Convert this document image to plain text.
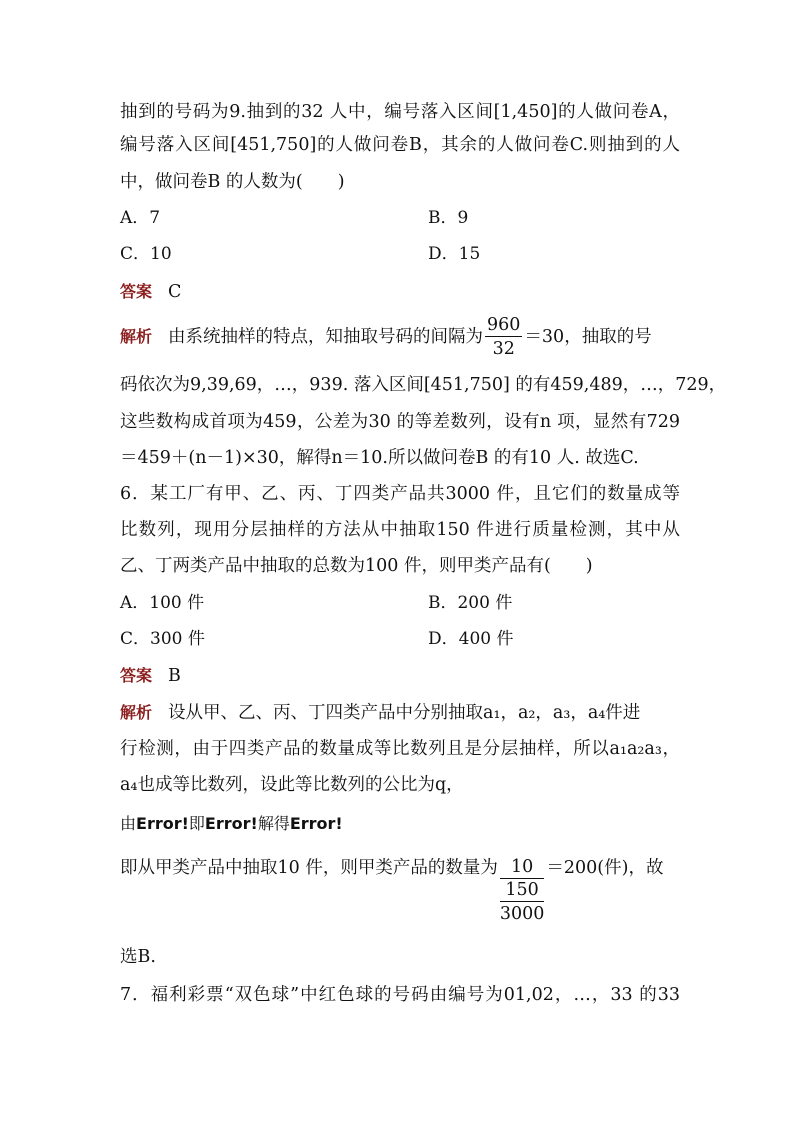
抽到的号码为9.抽到的32 人中，编号落入区间[1,450]的人做问卷A，
编号落入区间[451,750]的人做问卷B，其余的人做问卷C.则抽到的人
中，做问卷B 的人数为(　　)
A．7	B．9
C．10	D．15
答案 C
解析 由系统抽样的特点，知抽取号码的间隔为 $\frac{960}{32} =30$，抽取的号
码依次为9,39,69，…，939. 落入区间[451,750] 的有459,489，…，729，
这些数构成首项为459，公差为30 的等差数列，设有n 项，显然有729
＝459＋(n－1)×30，解得n＝10.所以做问卷B 的有10 人. 故选C.
6．某工厂有甲、乙、丙、丁四类产品共3000 件，且它们的数量成等
比数列，现用分层抽样的方法从中抽取150 件进行质量检测，其中从
乙、丁两类产品中抽取的总数为100 件，则甲类产品有(　　)
A．100 件	B．200 件
C．300 件	D．400 件
答案 B
解析 设从甲、乙、丙、丁四类产品中分别抽取a₁，a₂，a₃，a₄件进
行检测，由于四类产品的数量成等比数列且是分层抽样，所以a₁a₂a₃，
a₄也成等比数列，设此等比数列的公比为q，
由Error!即Error!解得Error!
即从甲类产品中抽取10 件，则甲类产品的数量为 10
150
3000
＝200(件)，故
选B.
7．福利彩票“双色球”中红色球的号码由编号为01,02，…，33 的33
